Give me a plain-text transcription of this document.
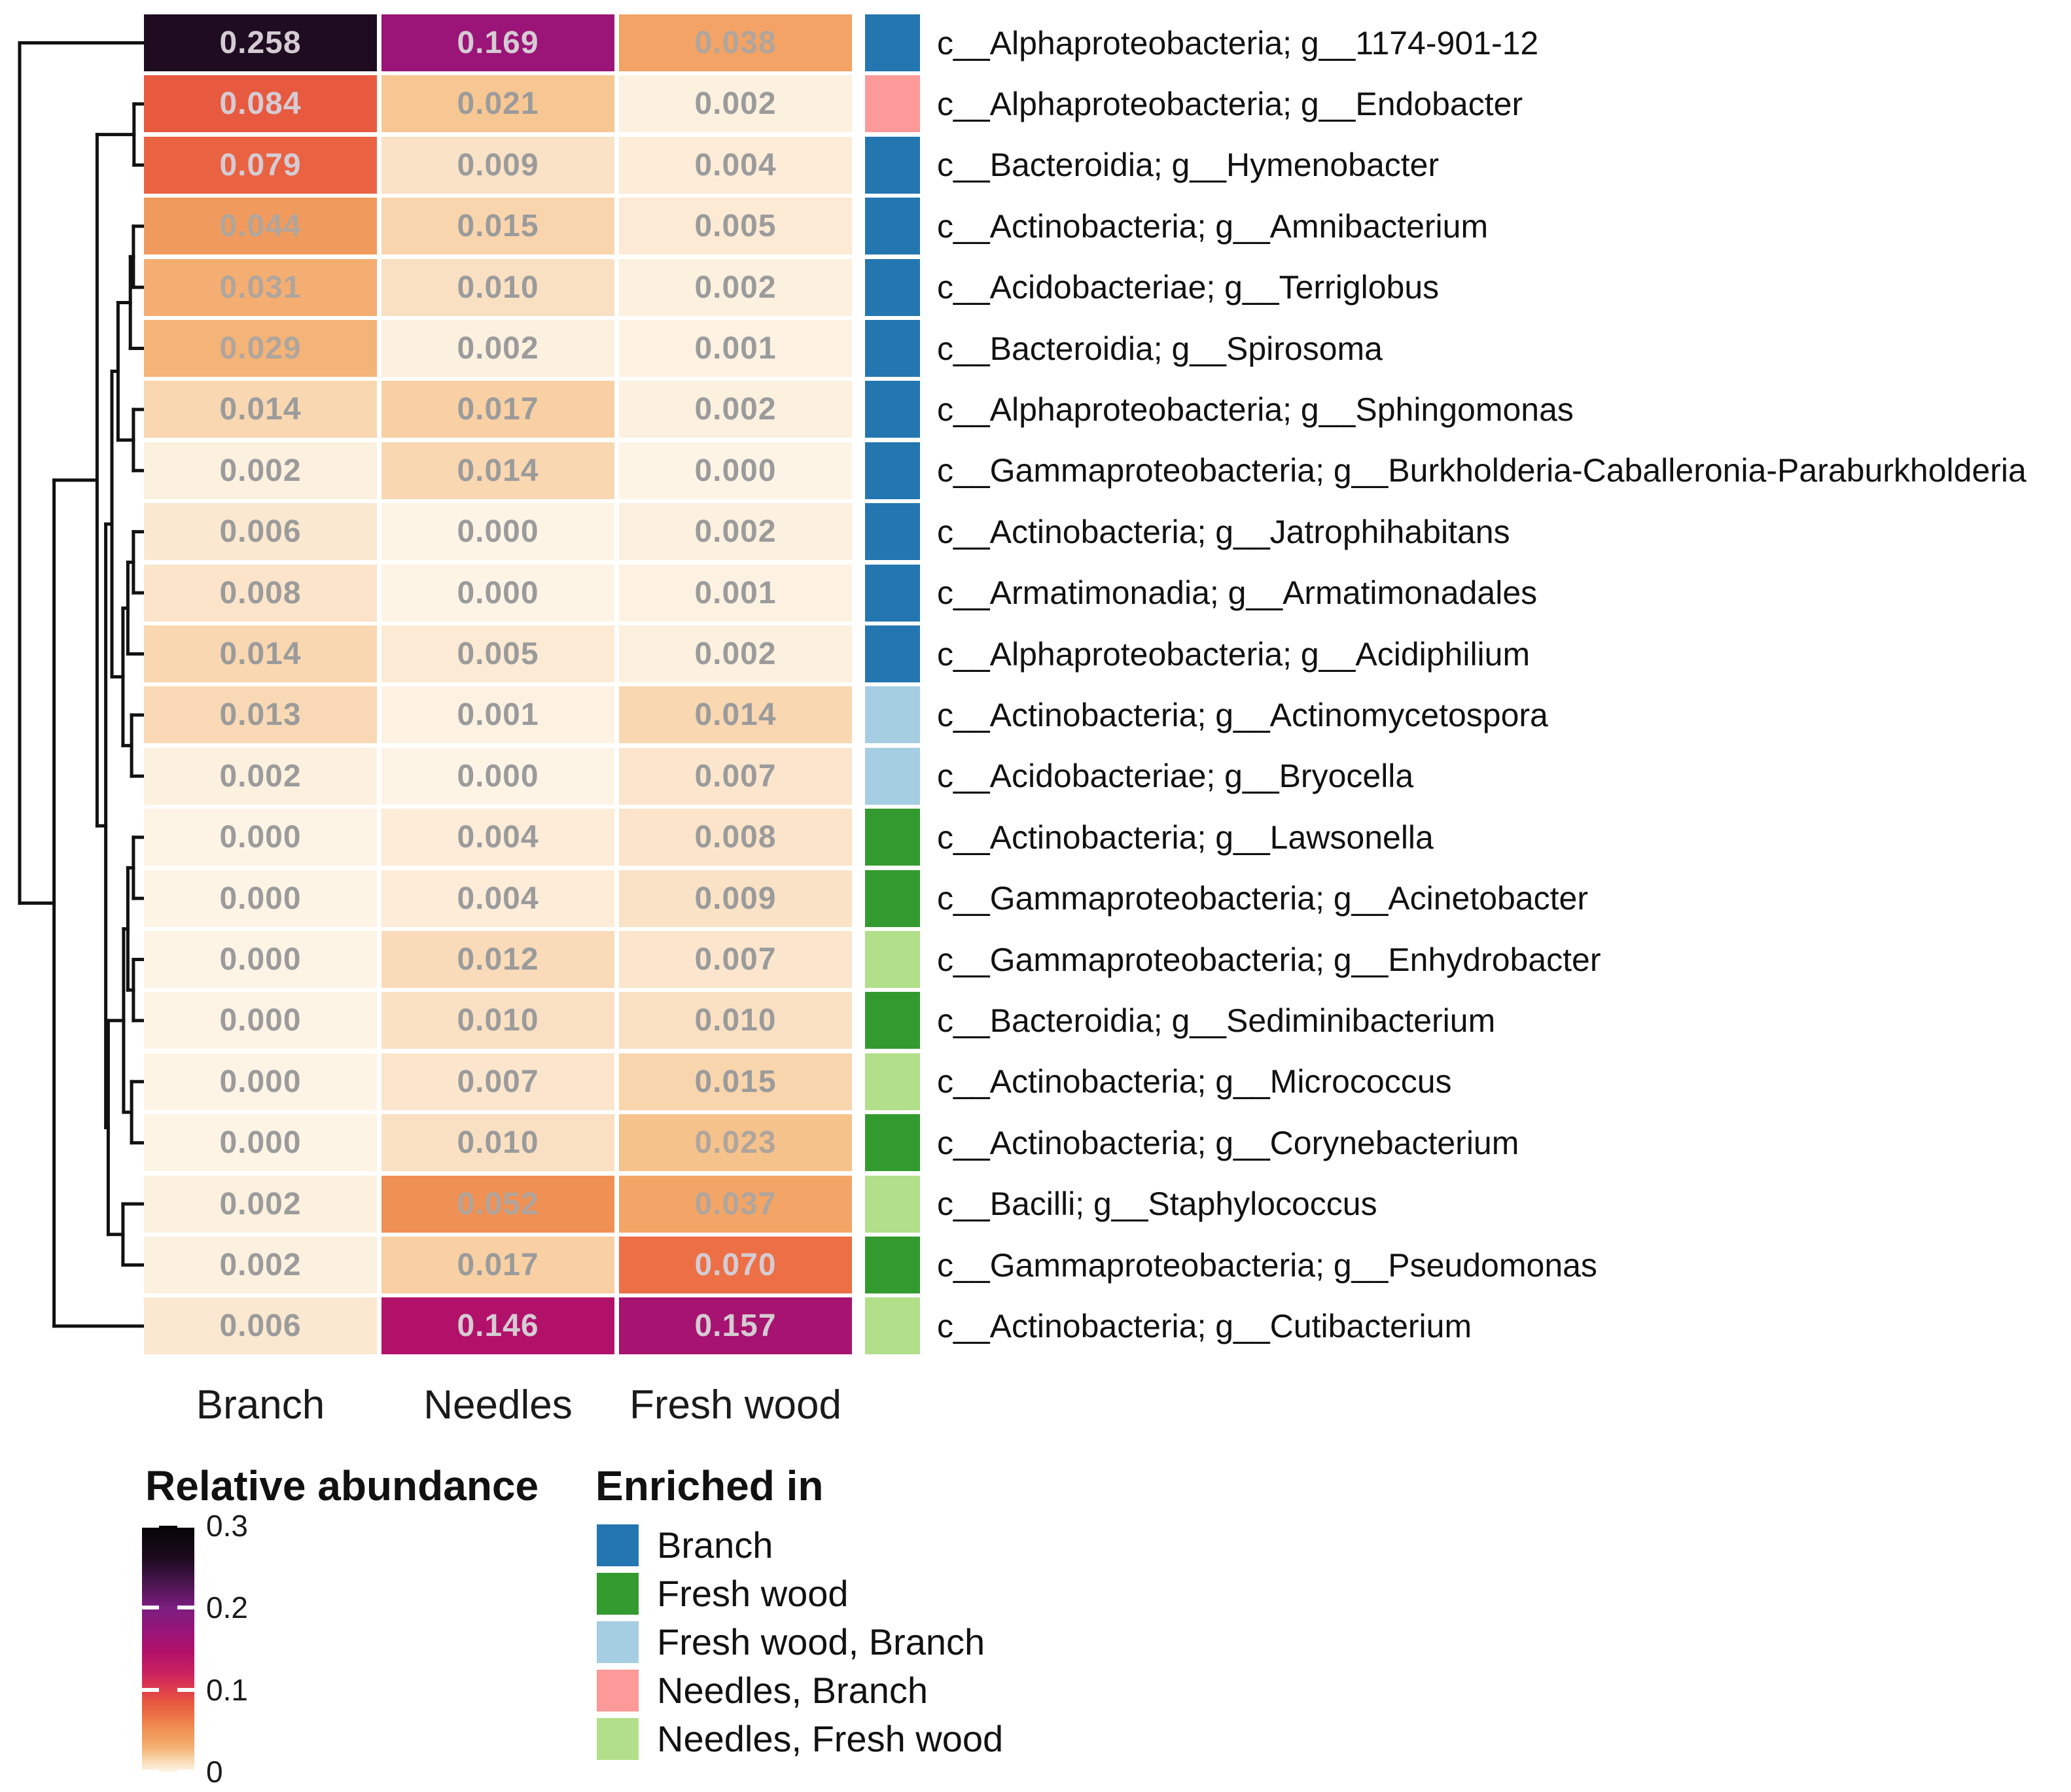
0.258	0.169	0.038	c__Alphaproteobacteria; g__1174-901-12
0.084	0.021	0.002	c__Alphaproteobacteria; g__Endobacter
0.079	0.009	0.004	c__Bacteroidia; g__Hymenobacter
0.044	0.015	0.005	c__Actinobacteria; g__Amnibacterium
0.031	0.010	0.002	c__Acidobacteriae; g__Terriglobus
0.029	0.002	0.001	c__Bacteroidia; g__Spirosoma
0.014	0.017	0.002	c__Alphaproteobacteria; g__Sphingomonas
0.002	0.014	0.000	c__Gammaproteobacteria; g__Burkholderia-Caballeronia-Paraburkholderia
0.006	0.000	0.002	c__Actinobacteria; g__Jatrophihabitans
0.008	0.000	0.001	c__Armatimonadia; g__Armatimonadales
0.014	0.005	0.002	c__Alphaproteobacteria; g__Acidiphilium
0.013	0.001	0.014	c__Actinobacteria; g__Actinomycetospora
0.002	0.000	0.007	c__Acidobacteriae; g__Bryocella
0.000	0.004	0.008	c__Actinobacteria; g__Lawsonella
0.000	0.004	0.009	c__Gammaproteobacteria; g__Acinetobacter
0.000	0.012	0.007	c__Gammaproteobacteria; g__Enhydrobacter
0.000	0.010	0.010	c__Bacteroidia; g__Sediminibacterium
0.000	0.007	0.015	c__Actinobacteria; g__Micrococcus
0.000	0.010	0.023	c__Actinobacteria; g__Corynebacterium
0.002	0.052	0.037	c__Bacilli; g__Staphylococcus
0.002	0.017	0.070	c__Gammaproteobacteria; g__Pseudomonas
0.006	0.146	0.157	c__Actinobacteria; g__Cutibacterium
Branch	Needles	Fresh wood
Relative abundance
0.3
0.2
0.1
0
Enriched in
Branch
Fresh wood
Fresh wood, Branch
Needles, Branch
Needles, Fresh wood
